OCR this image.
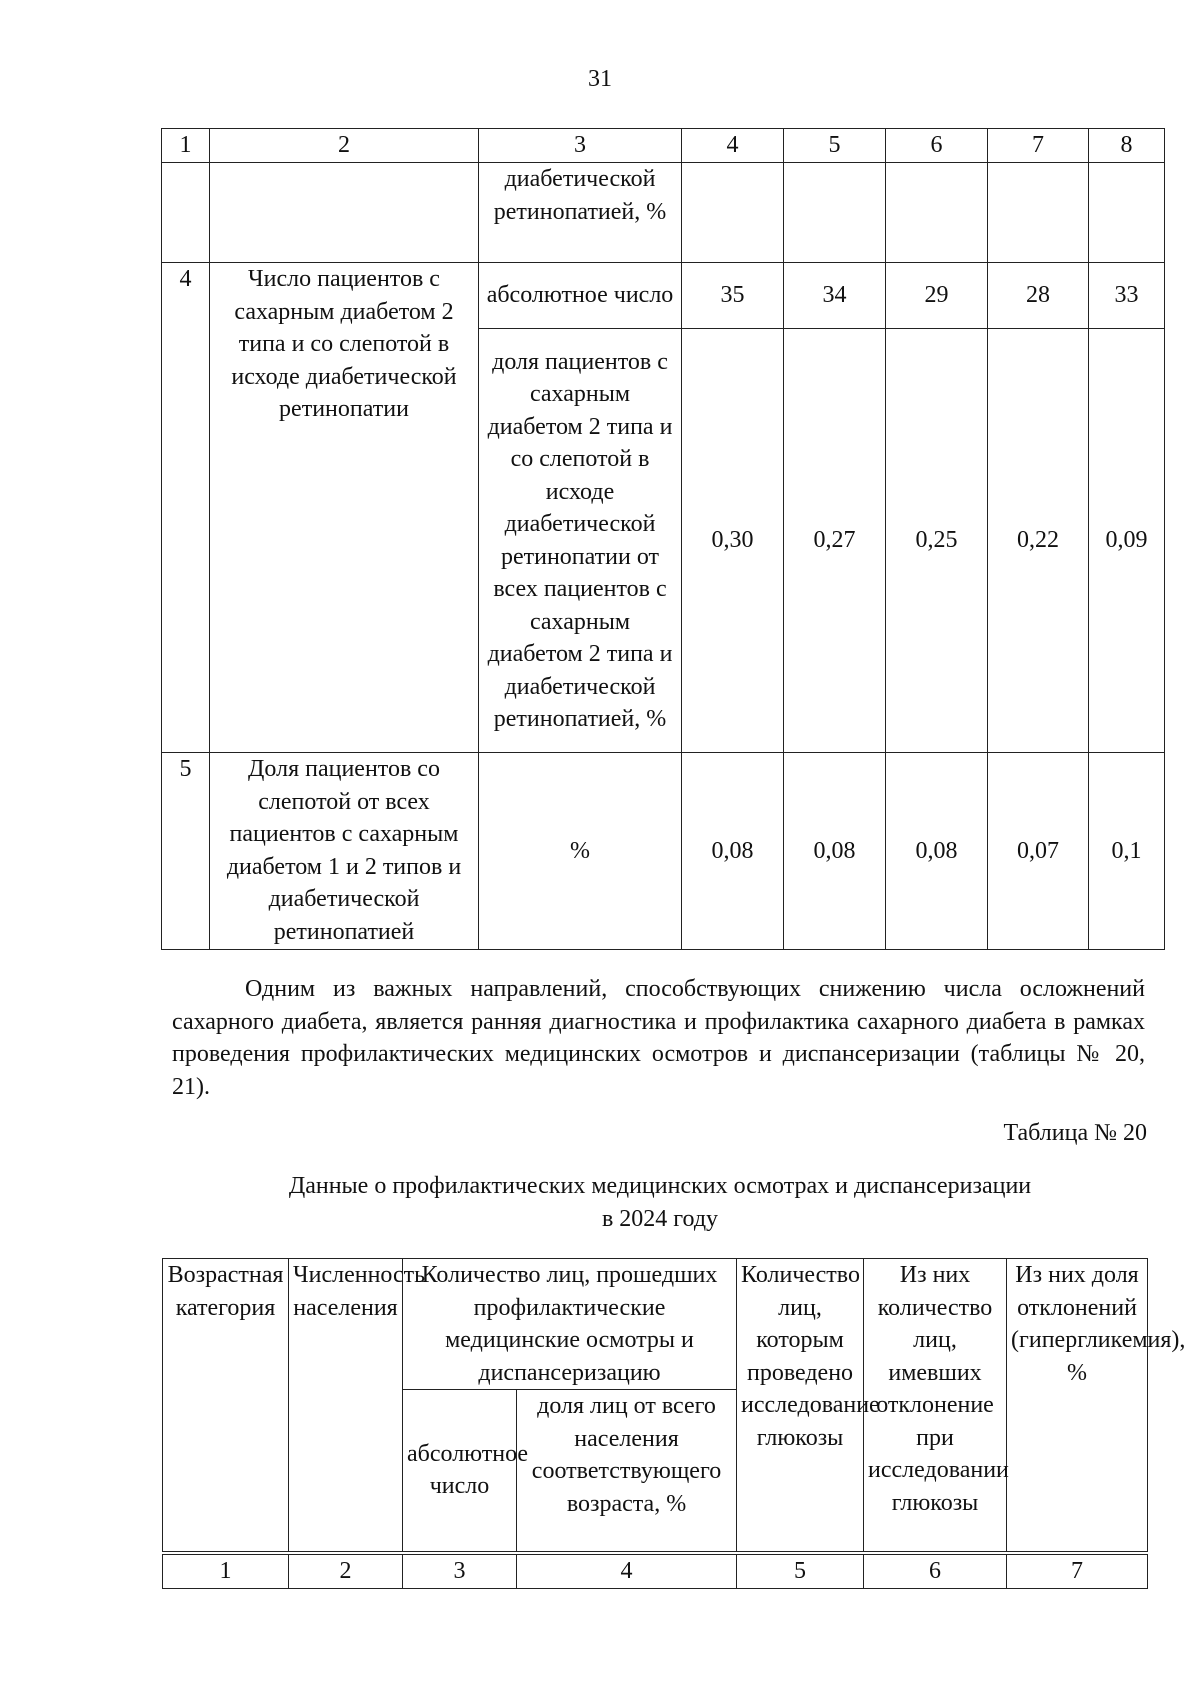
31
1	2	3	4	5	6	7	8
		диабетической ретинопатией, %					
4	Число пациентов с сахарным диабетом 2 типа и со слепотой в исходе диабетической ретинопатии	абсолютное число	35	34	29	28	33
		доля пациентов с сахарным диабетом 2 типа и со слепотой в исходе диабетической ретинопатии от всех пациентов с сахарным диабетом 2 типа и диабетической ретинопатией, %	0,30	0,27	0,25	0,22	0,09
5	Доля пациентов со слепотой от всех пациентов с сахарным диабетом 1 и 2 типов и диабетической ретинопатией	%	0,08	0,08	0,08	0,07	0,1
Одним из важных направлений, способствующих снижению числа осложнений сахарного диабета, является ранняя диагностика и профилактика сахарного диабета в рамках проведения профилактических медицинских осмотров и диспансеризации (таблицы № 20, 21).
Таблица № 20
Данные о профилактических медицинских осмотрах и диспансеризации
в 2024 году
Возрастная категория	Численность населения	Количество лиц, прошедших профилактические медицинские осмотры и диспансеризацию		Количество лиц, которым проведено исследование глюкозы	Из них количество лиц, имевших отклонение при исследовании глюкозы	Из них доля отклонений (гипергликемия), %
		абсолютное число	доля лиц от всего населения соответствующего возраста, %			
1	2	3	4	5	6	7
